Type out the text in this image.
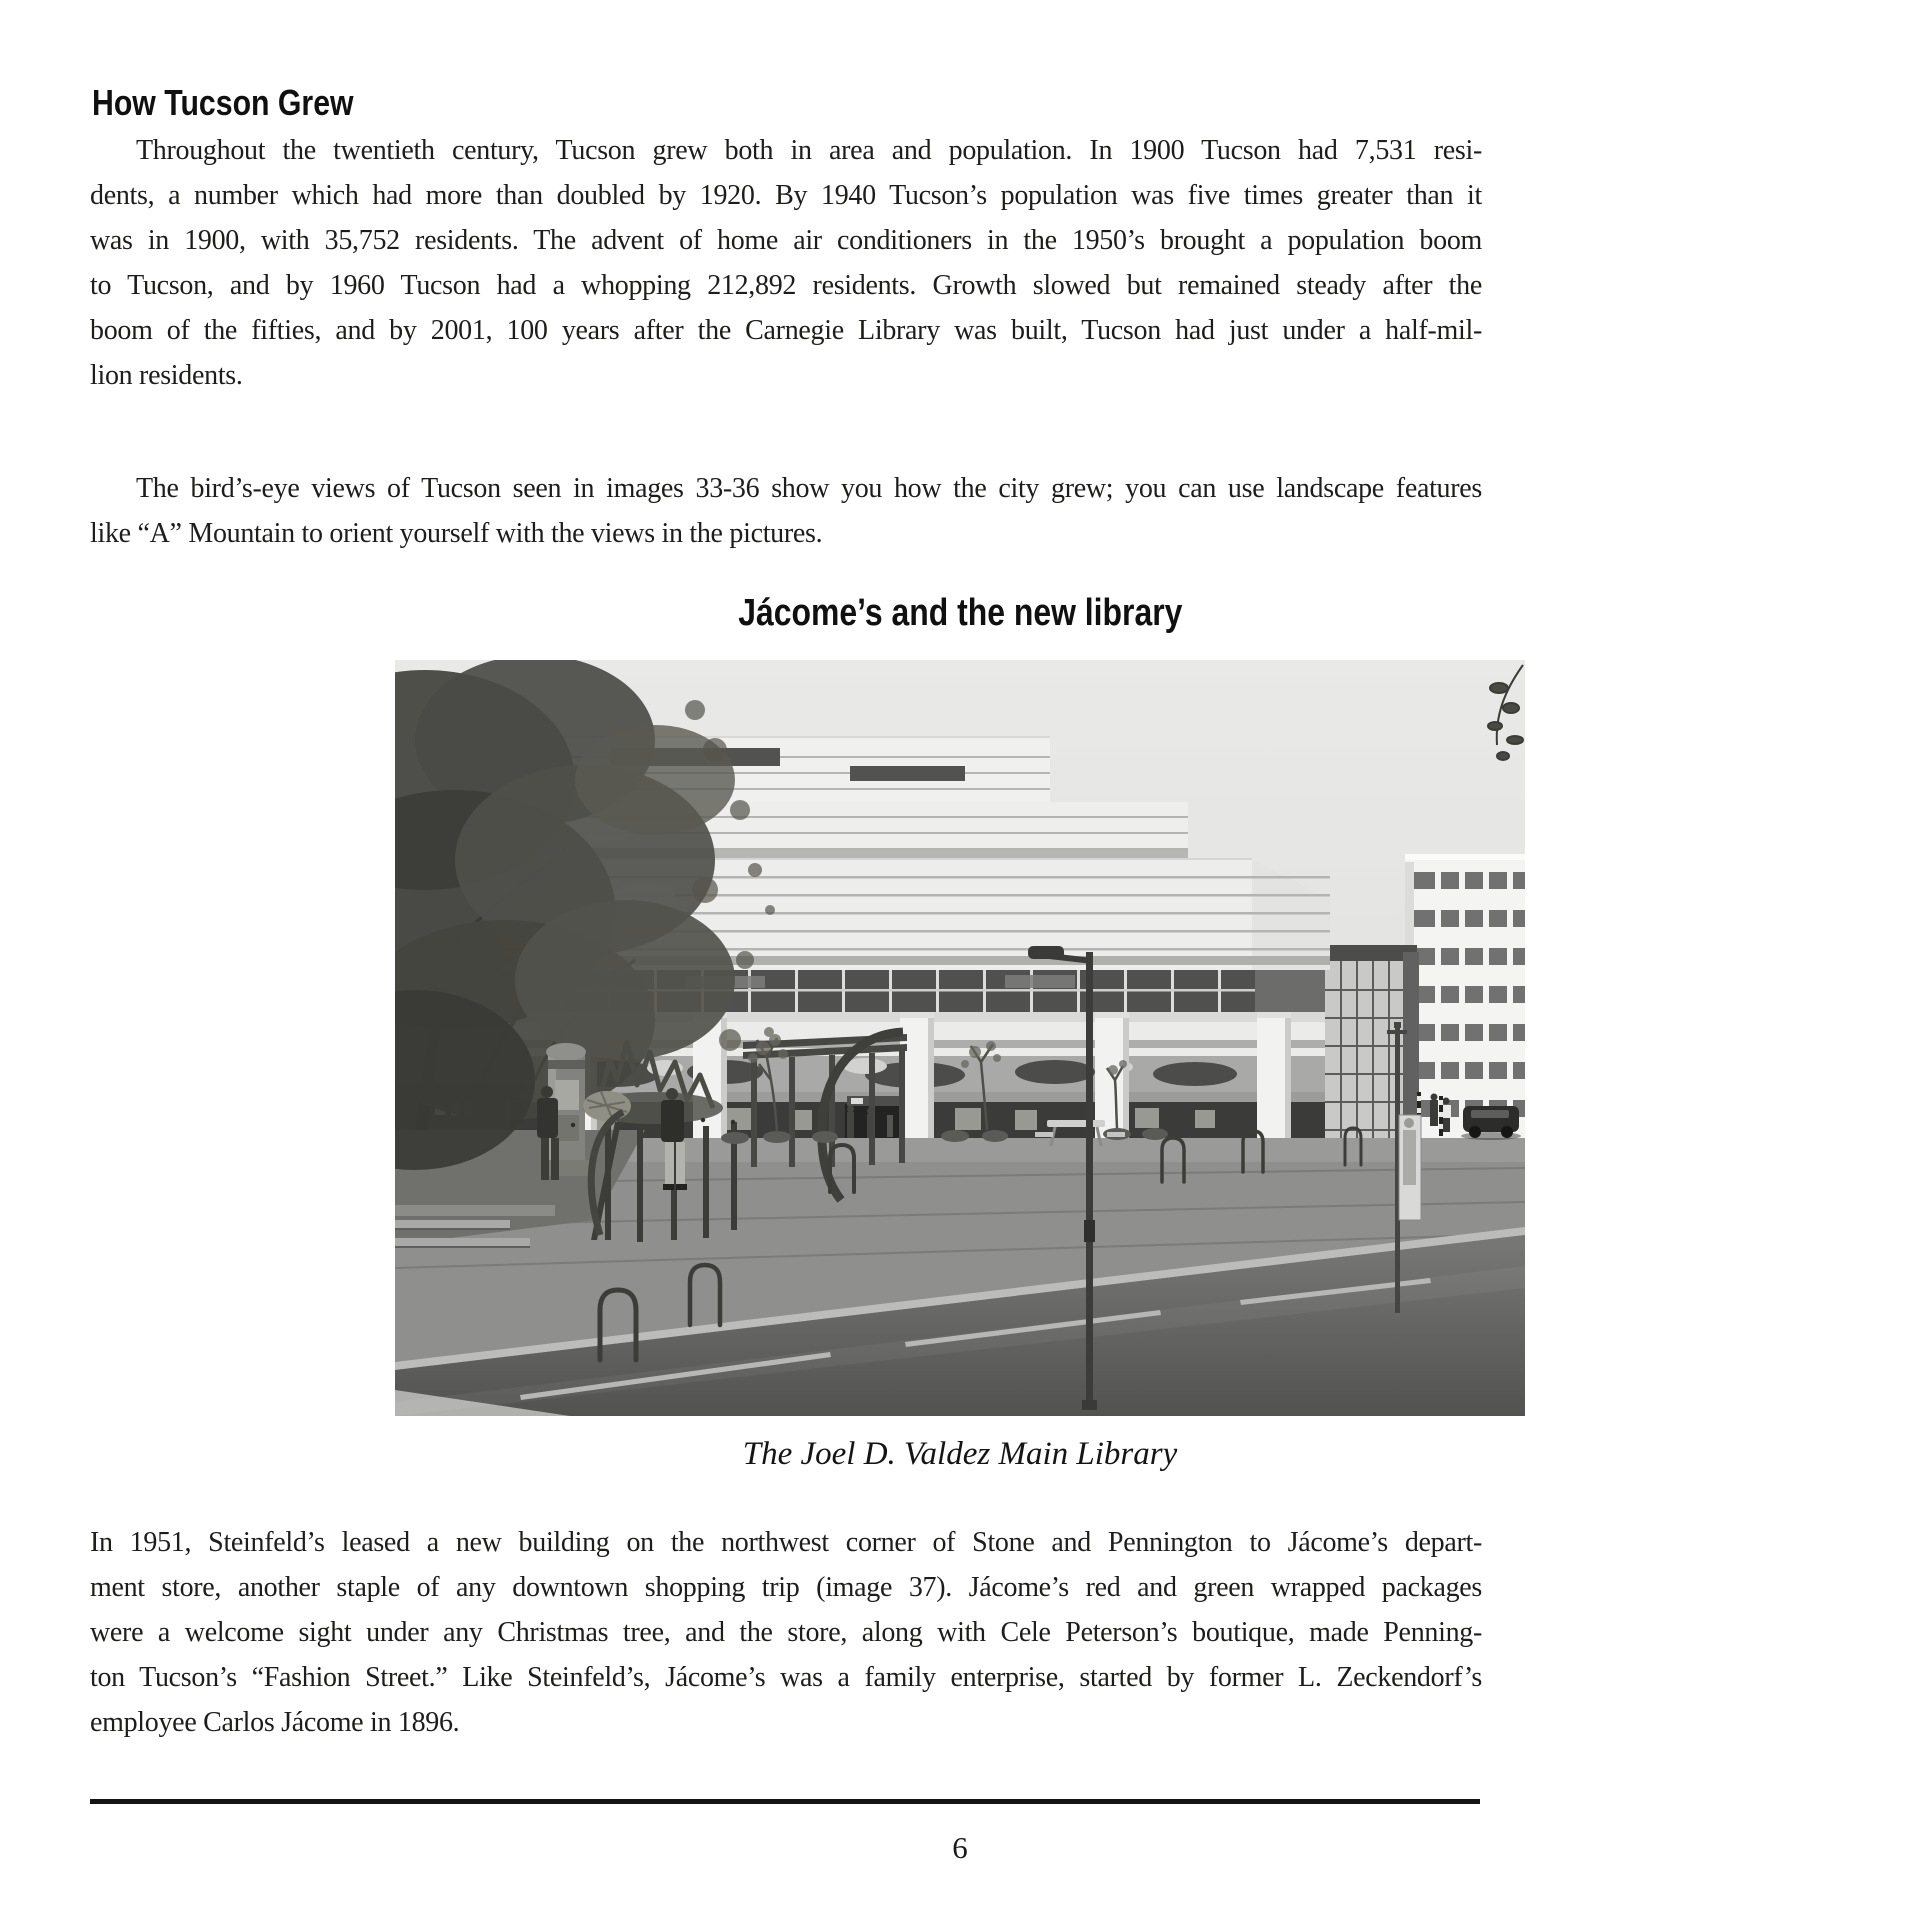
How Tucson Grew
Throughout the twentieth century, Tucson grew both in area and population. In 1900 Tucson had 7,531 resi-
dents, a number which had more than doubled by 1920. By 1940 Tucson’s population was five times greater than it
was in 1900, with 35,752 residents. The advent of home air conditioners in the 1950’s brought a population boom
to Tucson, and by 1960 Tucson had a whopping 212,892 residents. Growth slowed but remained steady after the
boom of the fifties, and by 2001, 100 years after the Carnegie Library was built, Tucson had just under a half-mil-
lion residents.
The bird’s-eye views of Tucson seen in images 33-36 show you how the city grew; you can use landscape features
like “A” Mountain to orient yourself with the views in the pictures.
Jácome’s and the new library
The Joel D. Valdez Main Library
In 1951, Steinfeld’s leased a new building on the northwest corner of Stone and Pennington to Jácome’s depart-
ment store, another staple of any downtown shopping trip (image 37). Jácome’s red and green wrapped packages
were a welcome sight under any Christmas tree, and the store, along with Cele Peterson’s boutique, made Penning-
ton Tucson’s “Fashion Street.” Like Steinfeld’s, Jácome’s was a family enterprise, started by former L. Zeckendorf’s
employee Carlos Jácome in 1896.
6
